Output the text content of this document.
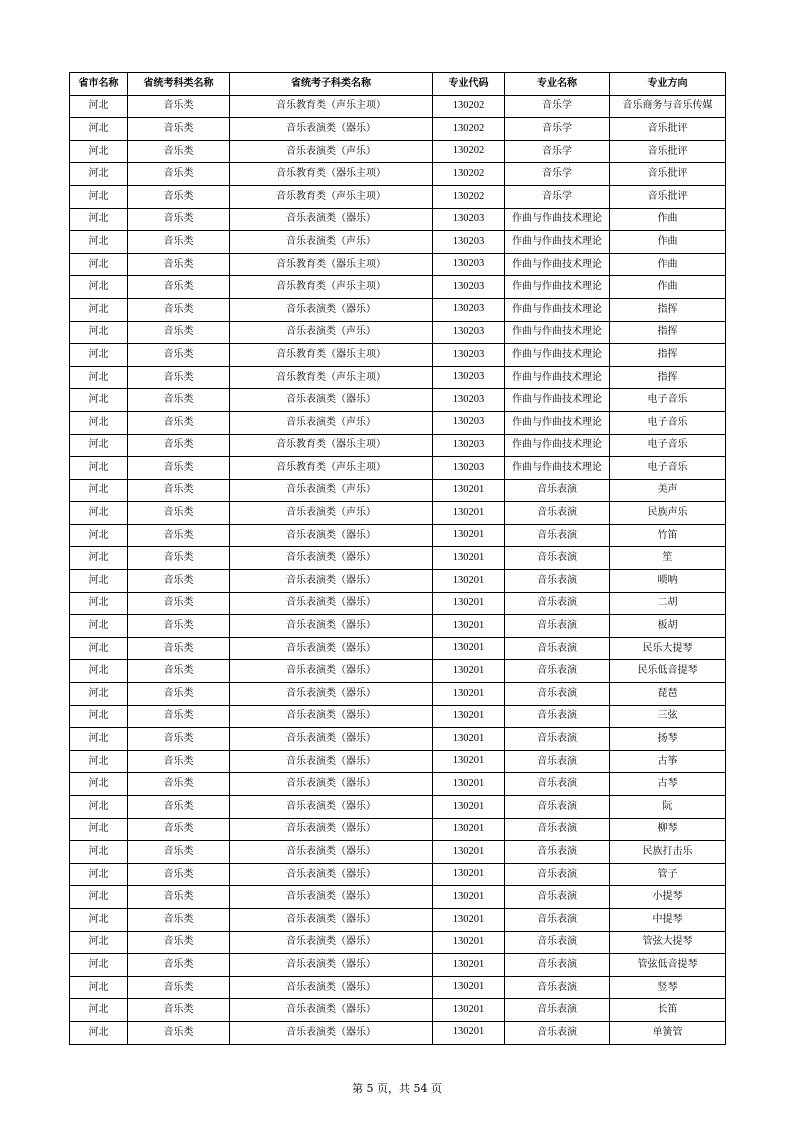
省市名称	省统考科类名称	省统考子科类名称	专业代码	专业名称	专业方向
河北	音乐类	音乐教育类（声乐主项）	130202	音乐学	音乐商务与音乐传媒
河北	音乐类	音乐表演类（器乐）	130202	音乐学	音乐批评
河北	音乐类	音乐表演类（声乐）	130202	音乐学	音乐批评
河北	音乐类	音乐教育类（器乐主项）	130202	音乐学	音乐批评
河北	音乐类	音乐教育类（声乐主项）	130202	音乐学	音乐批评
河北	音乐类	音乐表演类（器乐）	130203	作曲与作曲技术理论	作曲
河北	音乐类	音乐表演类（声乐）	130203	作曲与作曲技术理论	作曲
河北	音乐类	音乐教育类（器乐主项）	130203	作曲与作曲技术理论	作曲
河北	音乐类	音乐教育类（声乐主项）	130203	作曲与作曲技术理论	作曲
河北	音乐类	音乐表演类（器乐）	130203	作曲与作曲技术理论	指挥
河北	音乐类	音乐表演类（声乐）	130203	作曲与作曲技术理论	指挥
河北	音乐类	音乐教育类（器乐主项）	130203	作曲与作曲技术理论	指挥
河北	音乐类	音乐教育类（声乐主项）	130203	作曲与作曲技术理论	指挥
河北	音乐类	音乐表演类（器乐）	130203	作曲与作曲技术理论	电子音乐
河北	音乐类	音乐表演类（声乐）	130203	作曲与作曲技术理论	电子音乐
河北	音乐类	音乐教育类（器乐主项）	130203	作曲与作曲技术理论	电子音乐
河北	音乐类	音乐教育类（声乐主项）	130203	作曲与作曲技术理论	电子音乐
河北	音乐类	音乐表演类（声乐）	130201	音乐表演	美声
河北	音乐类	音乐表演类（声乐）	130201	音乐表演	民族声乐
河北	音乐类	音乐表演类（器乐）	130201	音乐表演	竹笛
河北	音乐类	音乐表演类（器乐）	130201	音乐表演	笙
河北	音乐类	音乐表演类（器乐）	130201	音乐表演	唢呐
河北	音乐类	音乐表演类（器乐）	130201	音乐表演	二胡
河北	音乐类	音乐表演类（器乐）	130201	音乐表演	板胡
河北	音乐类	音乐表演类（器乐）	130201	音乐表演	民乐大提琴
河北	音乐类	音乐表演类（器乐）	130201	音乐表演	民乐低音提琴
河北	音乐类	音乐表演类（器乐）	130201	音乐表演	琵琶
河北	音乐类	音乐表演类（器乐）	130201	音乐表演	三弦
河北	音乐类	音乐表演类（器乐）	130201	音乐表演	扬琴
河北	音乐类	音乐表演类（器乐）	130201	音乐表演	古筝
河北	音乐类	音乐表演类（器乐）	130201	音乐表演	古琴
河北	音乐类	音乐表演类（器乐）	130201	音乐表演	阮
河北	音乐类	音乐表演类（器乐）	130201	音乐表演	柳琴
河北	音乐类	音乐表演类（器乐）	130201	音乐表演	民族打击乐
河北	音乐类	音乐表演类（器乐）	130201	音乐表演	管子
河北	音乐类	音乐表演类（器乐）	130201	音乐表演	小提琴
河北	音乐类	音乐表演类（器乐）	130201	音乐表演	中提琴
河北	音乐类	音乐表演类（器乐）	130201	音乐表演	管弦大提琴
河北	音乐类	音乐表演类（器乐）	130201	音乐表演	管弦低音提琴
河北	音乐类	音乐表演类（器乐）	130201	音乐表演	竖琴
河北	音乐类	音乐表演类（器乐）	130201	音乐表演	长笛
河北	音乐类	音乐表演类（器乐）	130201	音乐表演	单簧管
第 5 页，共 54 页
